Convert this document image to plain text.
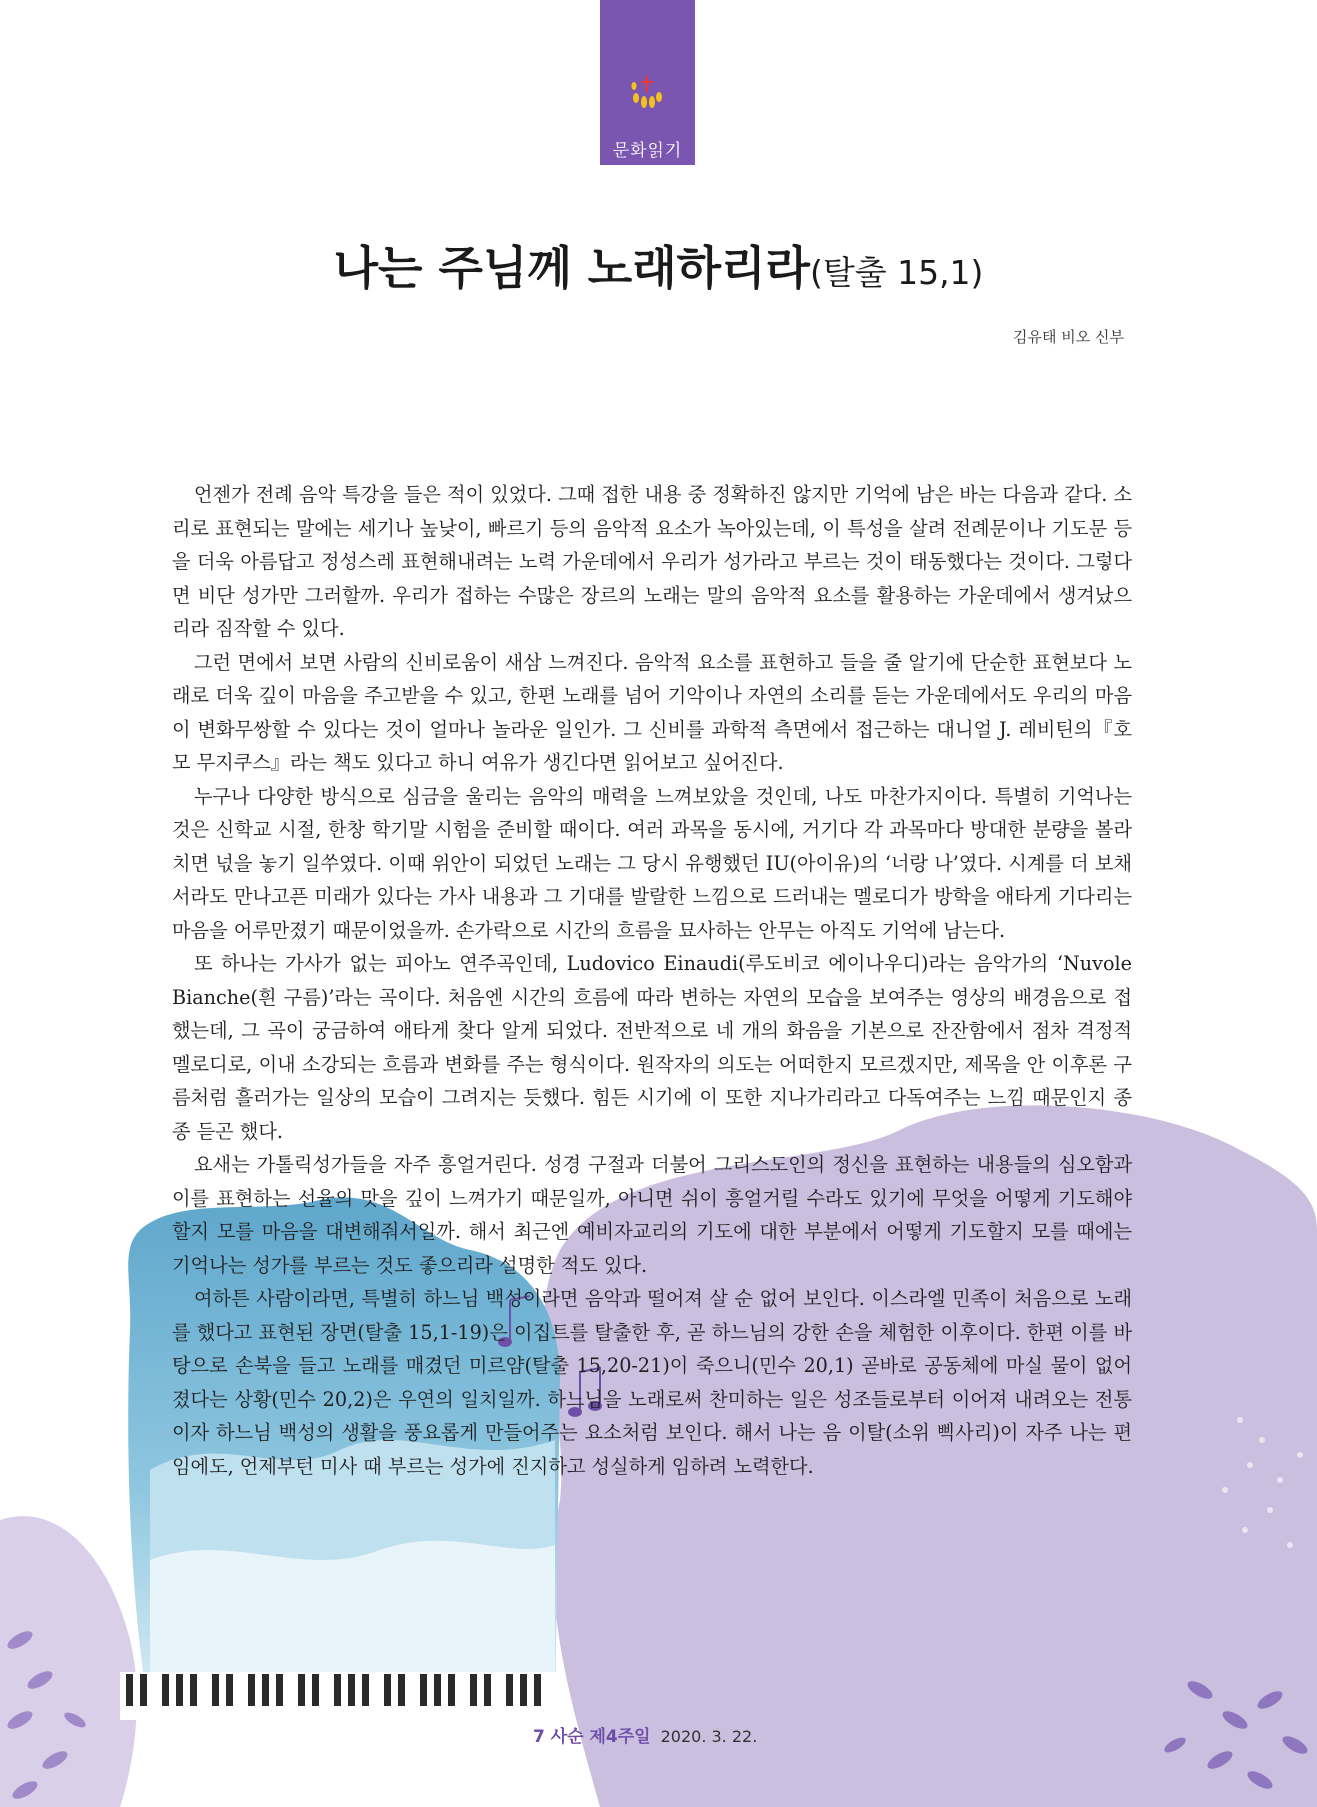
문화읽기
나는 주님께 노래하리라(탈출 15,1)
김유태 비오 신부

언젠가 전례 음악 특강을 들은 적이 있었다. 그때 접한 내용 중 정확하진 않지만 기억에 남은 바는 다음과 같다. 소리로 표현되는 말에는 세기나 높낮이, 빠르기 등의 음악적 요소가 녹아있는데, 이 특성을 살려 전례문이나 기도문 등을 더욱 아름답고 정성스레 표현해내려는 노력 가운데에서 우리가 성가라고 부르는 것이 태동했다는 것이다. 그렇다면 비단 성가만 그러할까. 우리가 접하는 수많은 장르의 노래는 말의 음악적 요소를 활용하는 가운데에서 생겨났으리라 짐작할 수 있다.

그런 면에서 보면 사람의 신비로움이 새삼 느껴진다. 음악적 요소를 표현하고 들을 줄 알기에 단순한 표현보다 노래로 더욱 깊이 마음을 주고받을 수 있고, 한편 노래를 넘어 기악이나 자연의 소리를 듣는 가운데에서도 우리의 마음이 변화무쌍할 수 있다는 것이 얼마나 놀라운 일인가. 그 신비를 과학적 측면에서 접근하는 대니얼 J. 레비틴의『호모 무지쿠스』라는 책도 있다고 하니 여유가 생긴다면 읽어보고 싶어진다.

누구나 다양한 방식으로 심금을 울리는 음악의 매력을 느껴보았을 것인데, 나도 마찬가지이다. 특별히 기억나는 것은 신학교 시절, 한창 학기말 시험을 준비할 때이다. 여러 과목을 동시에, 거기다 각 과목마다 방대한 분량을 볼라 치면 넋을 놓기 일쑤였다. 이때 위안이 되었던 노래는 그 당시 유행했던 IU(아이유)의 ‘너랑 나’였다. 시계를 더 보채서라도 만나고픈 미래가 있다는 가사 내용과 그 기대를 발랄한 느낌으로 드러내는 멜로디가 방학을 애타게 기다리는 마음을 어루만졌기 때문이었을까. 손가락으로 시간의 흐름을 묘사하는 안무는 아직도 기억에 남는다.

또 하나는 가사가 없는 피아노 연주곡인데, Ludovico Einaudi(루도비코 에이나우디)라는 음악가의 ‘Nuvole Bianche(흰 구름)’라는 곡이다. 처음엔 시간의 흐름에 따라 변하는 자연의 모습을 보여주는 영상의 배경음으로 접했는데, 그 곡이 궁금하여 애타게 찾다 알게 되었다. 전반적으로 네 개의 화음을 기본으로 잔잔함에서 점차 격정적 멜로디로, 이내 소강되는 흐름과 변화를 주는 형식이다. 원작자의 의도는 어떠한지 모르겠지만, 제목을 안 이후론 구름처럼 흘러가는 일상의 모습이 그려지는 듯했다. 힘든 시기에 이 또한 지나가리라고 다독여주는 느낌 때문인지 종종 듣곤 했다.

요새는 가톨릭성가들을 자주 흥얼거린다. 성경 구절과 더불어 그리스도인의 정신을 표현하는 내용들의 심오함과 이를 표현하는 선율의 맛을 깊이 느껴가기 때문일까, 아니면 쉬이 흥얼거릴 수라도 있기에 무엇을 어떻게 기도해야할지 모를 마음을 대변해줘서일까. 해서 최근엔 예비자교리의 기도에 대한 부분에서 어떻게 기도할지 모를 때에는 기억나는 성가를 부르는 것도 좋으리라 설명한 적도 있다.

여하튼 사람이라면, 특별히 하느님 백성이라면 음악과 떨어져 살 순 없어 보인다. 이스라엘 민족이 처음으로 노래를 했다고 표현된 장면(탈출 15,1-19)은 이집트를 탈출한 후, 곧 하느님의 강한 손을 체험한 이후이다. 한편 이를 바탕으로 손북을 들고 노래를 매겼던 미르얌(탈출 15,20-21)이 죽으니(민수 20,1) 곧바로 공동체에 마실 물이 없어졌다는 상황(민수 20,2)은 우연의 일치일까. 하느님을 노래로써 찬미하는 일은 성조들로부터 이어져 내려오는 전통이자 하느님 백성의 생활을 풍요롭게 만들어주는 요소처럼 보인다. 해서 나는 음 이탈(소위 삑사리)이 자주 나는 편임에도, 언제부턴 미사 때 부르는 성가에 진지하고 성실하게 임하려 노력한다.

7 사순 제4주일 2020. 3. 22.
